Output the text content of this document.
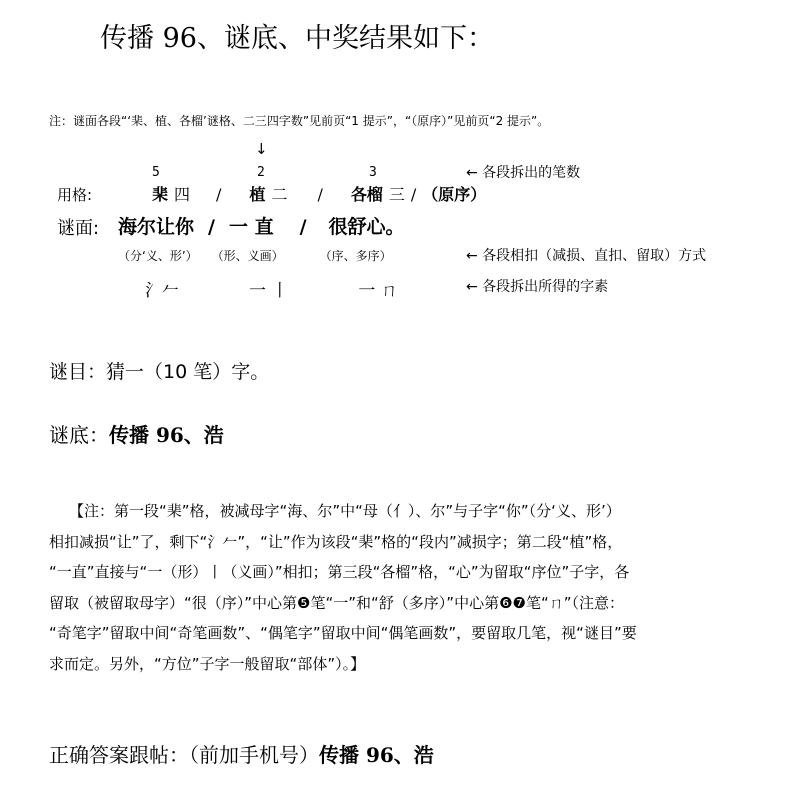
传播 96、谜底、中奖结果如下：
注：谜面各段“‘棐、植、各榴’谜格、二三四字数”见前页“1 提示”，“（原序）”见前页“2 提示”。
↓
5	2	3	← 各段拆出的笔数
用格:	棐 四 / 植 二 / 各榴 三 / （原序）
谜面: 海尔让你 / 一 直 / 很舒心。
（分‘义、形’） （形、义画）	（序、多序）	← 各段相扣（减损、直扣、留取）方式
氵𠂉	一 丨	一 ㄇ	← 各段拆出所得的字素
谜目：猜一（10 笔）字。
谜底：传播 96、浩
【注：第一段“棐”格，被减母字“海、尔”中“母（亻）、尔”与子字“你”（分‘义、形’）
相扣减损“让”了，剩下“氵𠂉”，“让”作为该段“棐”格的“段内”减损字；第二段“植”格，
“一直”直接与“一（形）丨（义画）”相扣；第三段“各榴”格，“心”为留取“序位”子字，各
留取（被留取母字）“很（序）”中心第❺笔“一”和“舒（多序）”中心第❻❼笔“ㄇ”（注意：
“奇笔字”留取中间“奇笔画数”、“偶笔字”留取中间“偶笔画数”，要留取几笔，视“谜目”要
求而定。另外，“方位”子字一般留取“部体”）。】
正确答案跟帖：（前加手机号）传播 96、浩
